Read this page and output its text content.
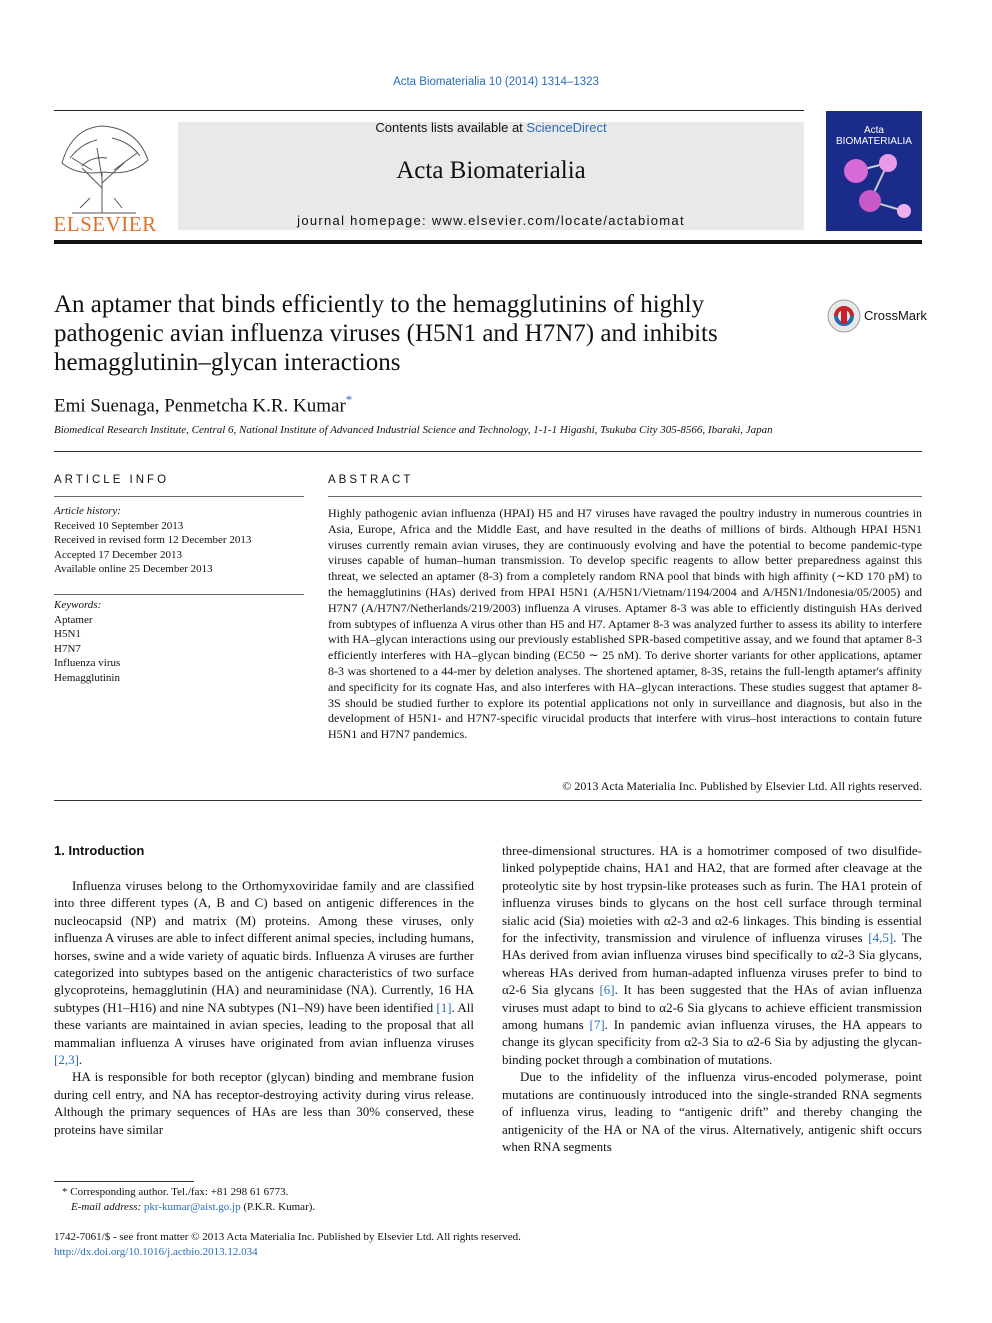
Acta Biomaterialia 10 (2014) 1314–1323
ELSEVIER
Contents lists available at ScienceDirect
Acta Biomaterialia
journal homepage: www.elsevier.com/locate/actabiomat
Acta BIOMATERIALIA
An aptamer that binds efficiently to the hemagglutinins of highly pathogenic avian influenza viruses (H5N1 and H7N7) and inhibits hemagglutinin–glycan interactions
CrossMark
Emi Suenaga, Penmetcha K.R. Kumar*
Biomedical Research Institute, Central 6, National Institute of Advanced Industrial Science and Technology, 1-1-1 Higashi, Tsukuba City 305-8566, Ibaraki, Japan
ARTICLE INFO
Article history:
Received 10 September 2013
Received in revised form 12 December 2013
Accepted 17 December 2013
Available online 25 December 2013
Keywords:
Aptamer
H5N1
H7N7
Influenza virus
Hemagglutinin
ABSTRACT

Highly pathogenic avian influenza (HPAI) H5 and H7 viruses have ravaged the poultry industry in numerous countries in Asia, Europe, Africa and the Middle East, and have resulted in the deaths of millions of birds. Although HPAI H5N1 viruses currently remain avian viruses, they are continuously evolving and have the potential to become pandemic-type viruses capable of human–human transmission. To develop specific reagents to allow better preparedness against this threat, we selected an aptamer (8-3) from a completely random RNA pool that binds with high affinity (∼KD 170 pM) to the hemagglutinins (HAs) derived from HPAI H5N1 (A/H5N1/Vietnam/1194/2004 and A/H5N1/Indonesia/05/2005) and H7N7 (A/H7N7/Netherlands/219/2003) influenza A viruses. Aptamer 8-3 was able to efficiently distinguish HAs derived from subtypes of influenza A virus other than H5 and H7. Aptamer 8-3 was analyzed further to assess its ability to interfere with HA–glycan interactions using our previously established SPR-based competitive assay, and we found that aptamer 8-3 efficiently interferes with HA–glycan binding (EC50 ∼ 25 nM). To derive shorter variants for other applications, aptamer 8-3 was shortened to a 44-mer by deletion analyses. The shortened aptamer, 8-3S, retains the full-length aptamer's affinity and specificity for its cognate Has, and also interferes with HA–glycan interactions. These studies suggest that aptamer 8-3S should be studied further to explore its potential applications not only in surveillance and diagnosis, but also in the development of H5N1- and H7N7-specific virucidal products that interfere with virus–host interactions to contain future H5N1 and H7N7 pandemics.

© 2013 Acta Materialia Inc. Published by Elsevier Ltd. All rights reserved.
1. Introduction

Influenza viruses belong to the Orthomyxoviridae family and are classified into three different types (A, B and C) based on antigenic differences in the nucleocapsid (NP) and matrix (M) proteins. Among these viruses, only influenza A viruses are able to infect different animal species, including humans, horses, swine and a wide variety of aquatic birds. Influenza A viruses are further categorized into subtypes based on the antigenic characteristics of two surface glycoproteins, hemagglutinin (HA) and neuraminidase (NA). Currently, 16 HA subtypes (H1–H16) and nine NA subtypes (N1–N9) have been identified [1]. All these variants are maintained in avian species, leading to the proposal that all mammalian influenza A viruses have originated from avian influenza viruses [2,3].

HA is responsible for both receptor (glycan) binding and membrane fusion during cell entry, and NA has receptor-destroying activity during virus release. Although the primary sequences of HAs are less than 30% conserved, these proteins have similar

three-dimensional structures. HA is a homotrimer composed of two disulfide-linked polypeptide chains, HA1 and HA2, that are formed after cleavage at the proteolytic site by host trypsin-like proteases such as furin. The HA1 protein of influenza viruses binds to glycans on the host cell surface through terminal sialic acid (Sia) moieties with α2-3 and α2-6 linkages. This binding is essential for the infectivity, transmission and virulence of influenza viruses [4,5]. The HAs derived from avian influenza viruses bind specifically to α2-3 Sia glycans, whereas HAs derived from human-adapted influenza viruses prefer to bind to α2-6 Sia glycans [6]. It has been suggested that the HAs of avian influenza viruses must adapt to bind to α2-6 Sia glycans to achieve efficient transmission among humans [7]. In pandemic avian influenza viruses, the HA appears to change its glycan specificity from α2-3 Sia to α2-6 Sia by adjusting the glycan-binding pocket through a combination of mutations.

Due to the infidelity of the influenza virus-encoded polymerase, point mutations are continuously introduced into the single-stranded RNA segments of influenza virus, leading to “antigenic drift” and thereby changing the antigenicity of the HA or NA of the virus. Alternatively, antigenic shift occurs when RNA segments

* Corresponding author. Tel./fax: +81 298 61 6773.
E-mail address: pkr-kumar@aist.go.jp (P.K.R. Kumar).
1742-7061/$ - see front matter © 2013 Acta Materialia Inc. Published by Elsevier Ltd. All rights reserved.
http://dx.doi.org/10.1016/j.actbio.2013.12.034
